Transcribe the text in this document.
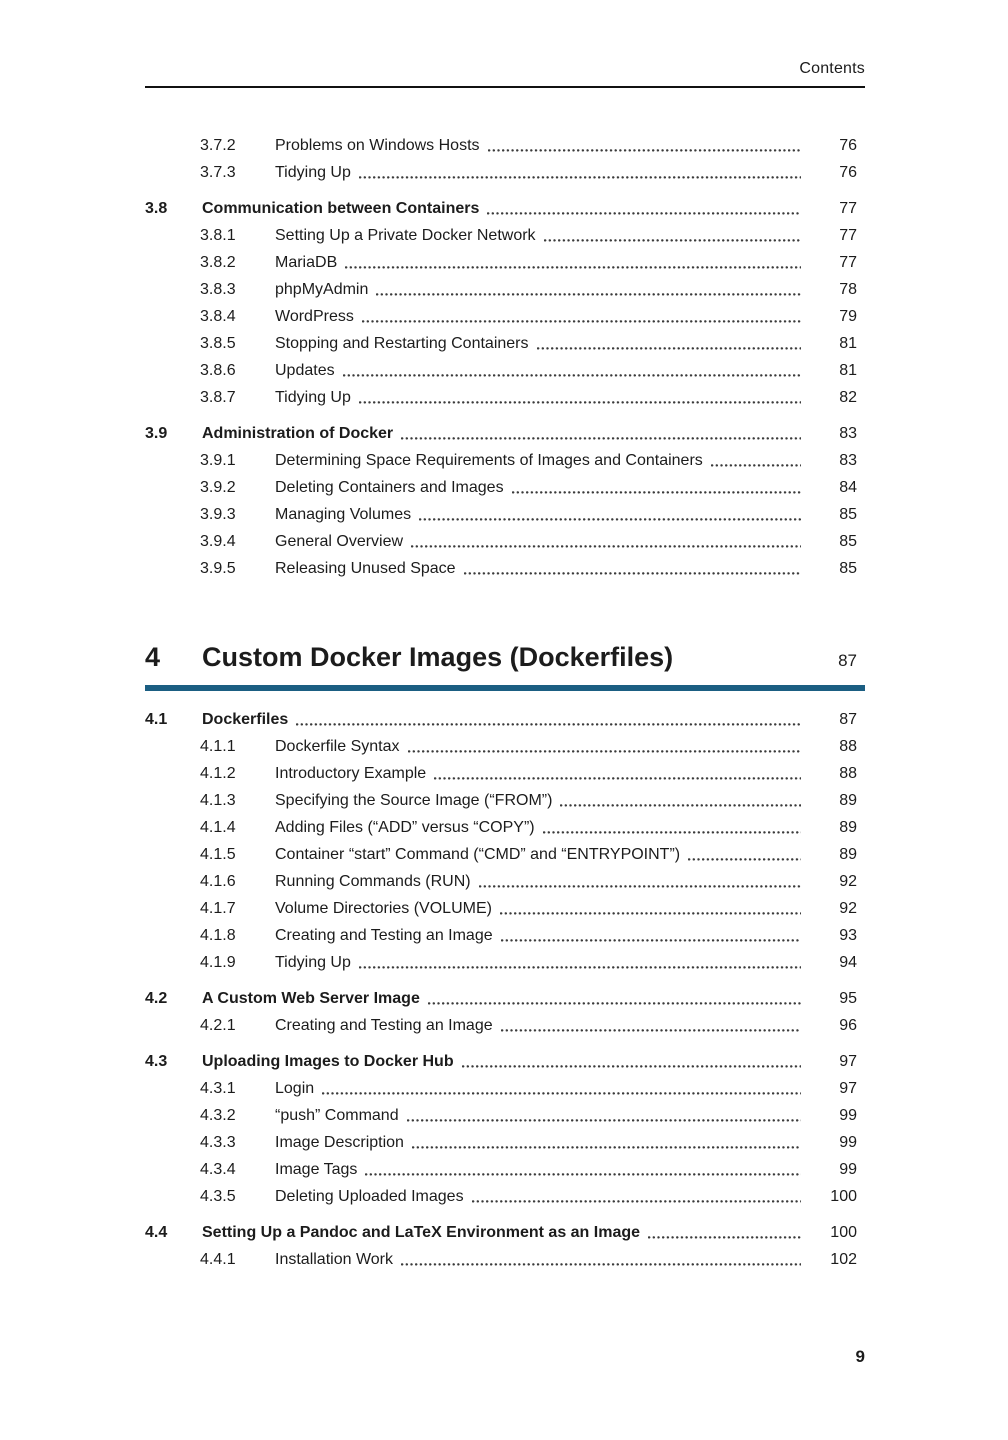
Contents
3.7.2	Problems on Windows Hosts	76
3.7.3	Tidying Up	76
3.8	Communication between Containers	77
3.8.1	Setting Up a Private Docker Network	77
3.8.2	MariaDB	77
3.8.3	phpMyAdmin	78
3.8.4	WordPress	79
3.8.5	Stopping and Restarting Containers	81
3.8.6	Updates	81
3.8.7	Tidying Up	82
3.9	Administration of Docker	83
3.9.1	Determining Space Requirements of Images and Containers	83
3.9.2	Deleting Containers and Images	84
3.9.3	Managing Volumes	85
3.9.4	General Overview	85
3.9.5	Releasing Unused Space	85
4	Custom Docker Images (Dockerfiles)	87
4.1	Dockerfiles	87
4.1.1	Dockerfile Syntax	88
4.1.2	Introductory Example	88
4.1.3	Specifying the Source Image (“FROM”)	89
4.1.4	Adding Files (“ADD” versus “COPY”)	89
4.1.5	Container “start” Command (“CMD” and “ENTRYPOINT”)	89
4.1.6	Running Commands (RUN)	92
4.1.7	Volume Directories (VOLUME)	92
4.1.8	Creating and Testing an Image	93
4.1.9	Tidying Up	94
4.2	A Custom Web Server Image	95
4.2.1	Creating and Testing an Image	96
4.3	Uploading Images to Docker Hub	97
4.3.1	Login	97
4.3.2	“push” Command	99
4.3.3	Image Description	99
4.3.4	Image Tags	99
4.3.5	Deleting Uploaded Images	100
4.4	Setting Up a Pandoc and LaTeX Environment as an Image	100
4.4.1	Installation Work	102
9
